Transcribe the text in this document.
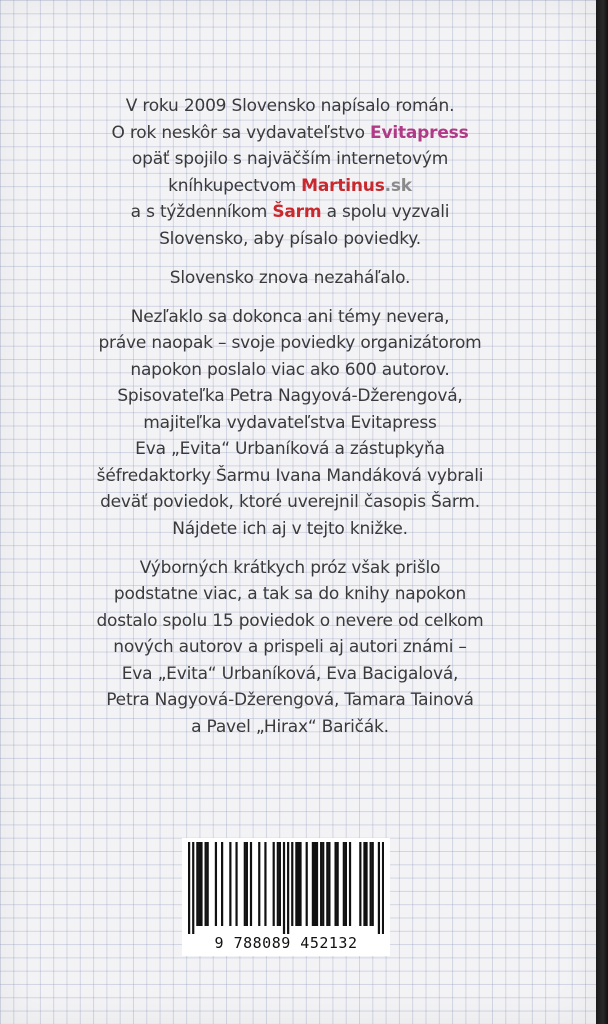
V roku 2009 Slovensko napísalo román.
O rok neskôr sa vydavateľstvo Evitapress
opäť spojilo s najväčším internetovým
kníhkupectvom Martinus.sk
a s týždenníkom Šarm a spolu vyzvali
Slovensko, aby písalo poviedky.

Slovensko znova nezaháľalo.

Nezľaklo sa dokonca ani témy nevera,
práve naopak – svoje poviedky organizátorom
napokon poslalo viac ako 600 autorov.
Spisovateľka Petra Nagyová-Džerengová,
majiteľka vydavateľstva Evitapress
Eva „Evita“ Urbaníková a zástupkyňa
šéfredaktorky Šarmu Ivana Mandáková vybrali
deväť poviedok, ktoré uverejnil časopis Šarm.
Nájdete ich aj v tejto knižke.

Výborných krátkych próz však prišlo
podstatne viac, a tak sa do knihy napokon
dostalo spolu 15 poviedok o nevere od celkom
nových autorov a prispeli aj autori známi –
Eva „Evita“ Urbaníková, Eva Bacigalová,
Petra Nagyová-Džerengová, Tamara Tainová
a Pavel „Hirax“ Baričák.

9 788089 452132
